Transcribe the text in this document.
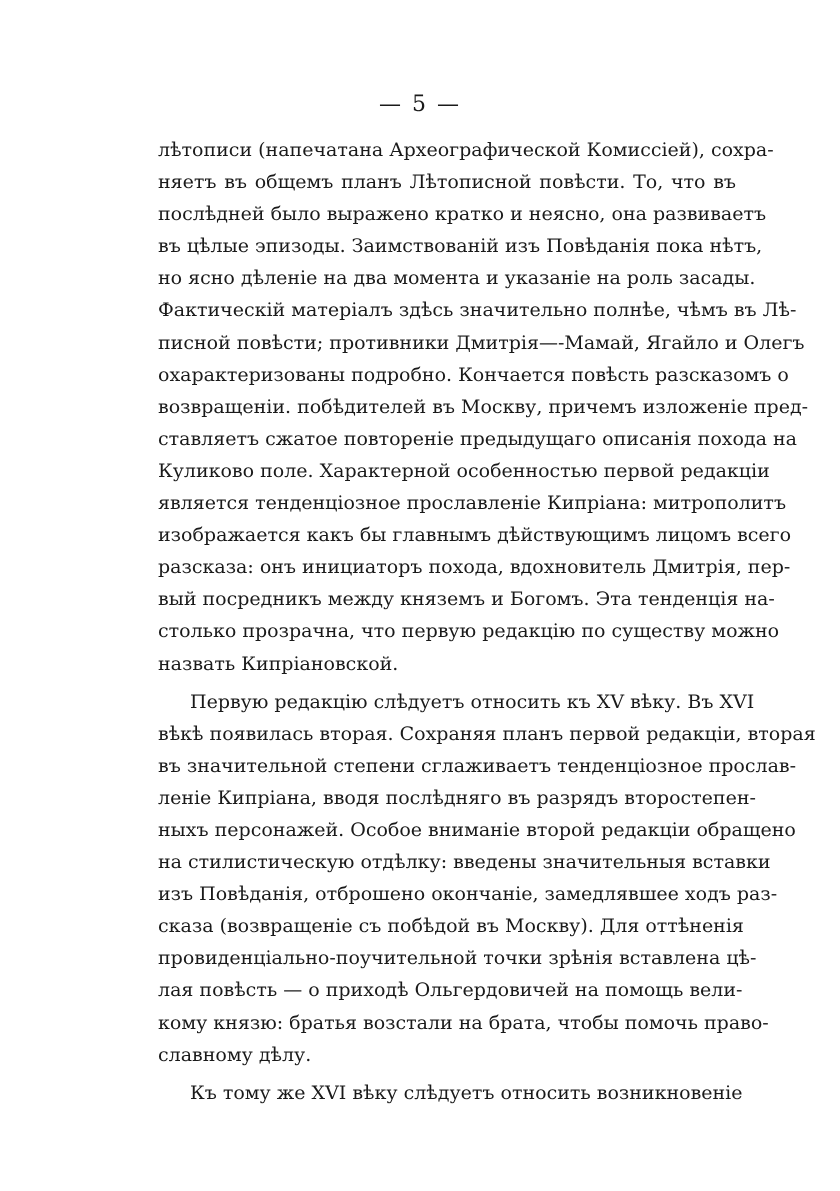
— 5 —
лѣтописи (напечатана Археографической Комиссіей), сохра-
няетъ въ общемъ планъ Лѣтописной повѣсти. То, что въ
послѣдней было выражено кратко и неясно, она развиваетъ
въ цѣлые эпизоды. Заимствованій изъ Повѣданія пока нѣтъ,
но ясно дѣленіе на два момента и указаніе на роль засады.
Фактическій матеріалъ здѣсь значительно полнѣе, чѣмъ въ Лѣ-
писной повѣсти; противники Дмитрія—-Мамай, Ягайло и Олегъ
охарактеризованы подробно. Кончается повѣсть разсказомъ о
возвращеніи. побѣдителей въ Москву, причемъ изложеніе пред-
ставляетъ сжатое повтореніе предыдущаго описанія похода на
Куликово поле. Характерной особенностью первой редакціи
является тенденціозное прославленіе Кипріана: митрополитъ
изображается какъ бы главнымъ дѣйствующимъ лицомъ всего
разсказа: онъ инициаторъ похода, вдохновитель Дмитрія, пер-
вый посредникъ между княземъ и Богомъ. Эта тенденція на-
столько прозрачна, что первую редакцію по существу можно
назвать Кипріановской.
Первую редакцію слѣдуетъ относить къ XV вѣку. Въ XVI
вѣкѣ появилась вторая. Сохраняя планъ первой редакціи, вторая
въ значительной степени сглаживаетъ тенденціозное прослав-
леніе Кипріана, вводя послѣдняго въ разрядъ второстепен-
ныхъ персонажей. Особое вниманіе второй редакціи обращено
на стилистическую отдѣлку: введены значительныя вставки
изъ Повѣданія, отброшено окончаніе, замедлявшее ходъ раз-
сказа (возвращеніе съ побѣдой въ Москву). Для оттѣненія
провиденціально-поучительной точки зрѣнія вставлена цѣ-
лая повѣсть — о приходѣ Ольгердовичей на помощь вели-
кому князю: братья возстали на брата, чтобы помочь право-
славному дѣлу.
Къ тому же XVI вѣку слѣдуетъ относить возникновеніе
